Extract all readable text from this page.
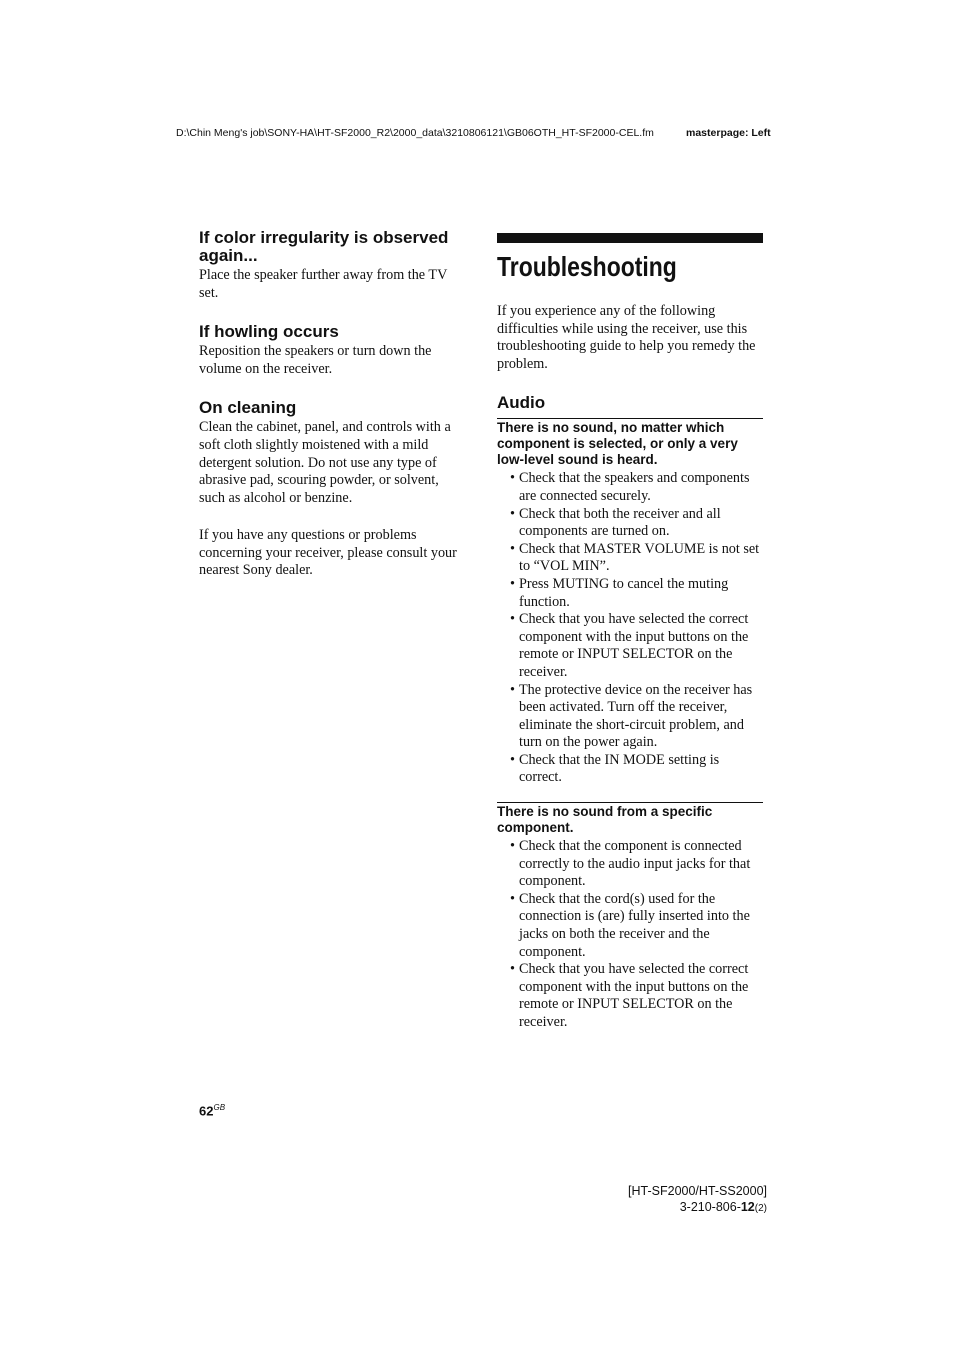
D:\Chin Meng's job\SONY-HA\HT-SF2000_R2\2000_data\3210806121\GB06OTH_HT-SF2000-CEL.fm	masterpage: Left
If color irregularity is observed again...

Place the speaker further away from the TV set.

If howling occurs

Reposition the speakers or turn down the volume on the receiver.

On cleaning

Clean the cabinet, panel, and controls with a soft cloth slightly moistened with a mild detergent solution. Do not use any type of abrasive pad, scouring powder, or solvent, such as alcohol or benzine.

If you have any questions or problems concerning your receiver, please consult your nearest Sony dealer.

Troubleshooting

If you experience any of the following difficulties while using the receiver, use this troubleshooting guide to help you remedy the problem.

Audio

There is no sound, no matter which component is selected, or only a very low-level sound is heard.

• Check that the speakers and components are connected securely.
• Check that both the receiver and all components are turned on.
• Check that MASTER VOLUME is not set to “VOL MIN”.
• Press MUTING to cancel the muting function.
• Check that you have selected the correct component with the input buttons on the remote or INPUT SELECTOR on the receiver.
• The protective device on the receiver has been activated. Turn off the receiver, eliminate the short-circuit problem, and turn on the power again.
• Check that the IN MODE setting is correct.

There is no sound from a specific component.

• Check that the component is connected correctly to the audio input jacks for that component.
• Check that the cord(s) used for the connection is (are) fully inserted into the jacks on both the receiver and the component.
• Check that you have selected the correct component with the input buttons on the remote or INPUT SELECTOR on the receiver.
$62^{GB}$
[HT-SF2000/HT-SS2000]
3-210-806-12(2)
